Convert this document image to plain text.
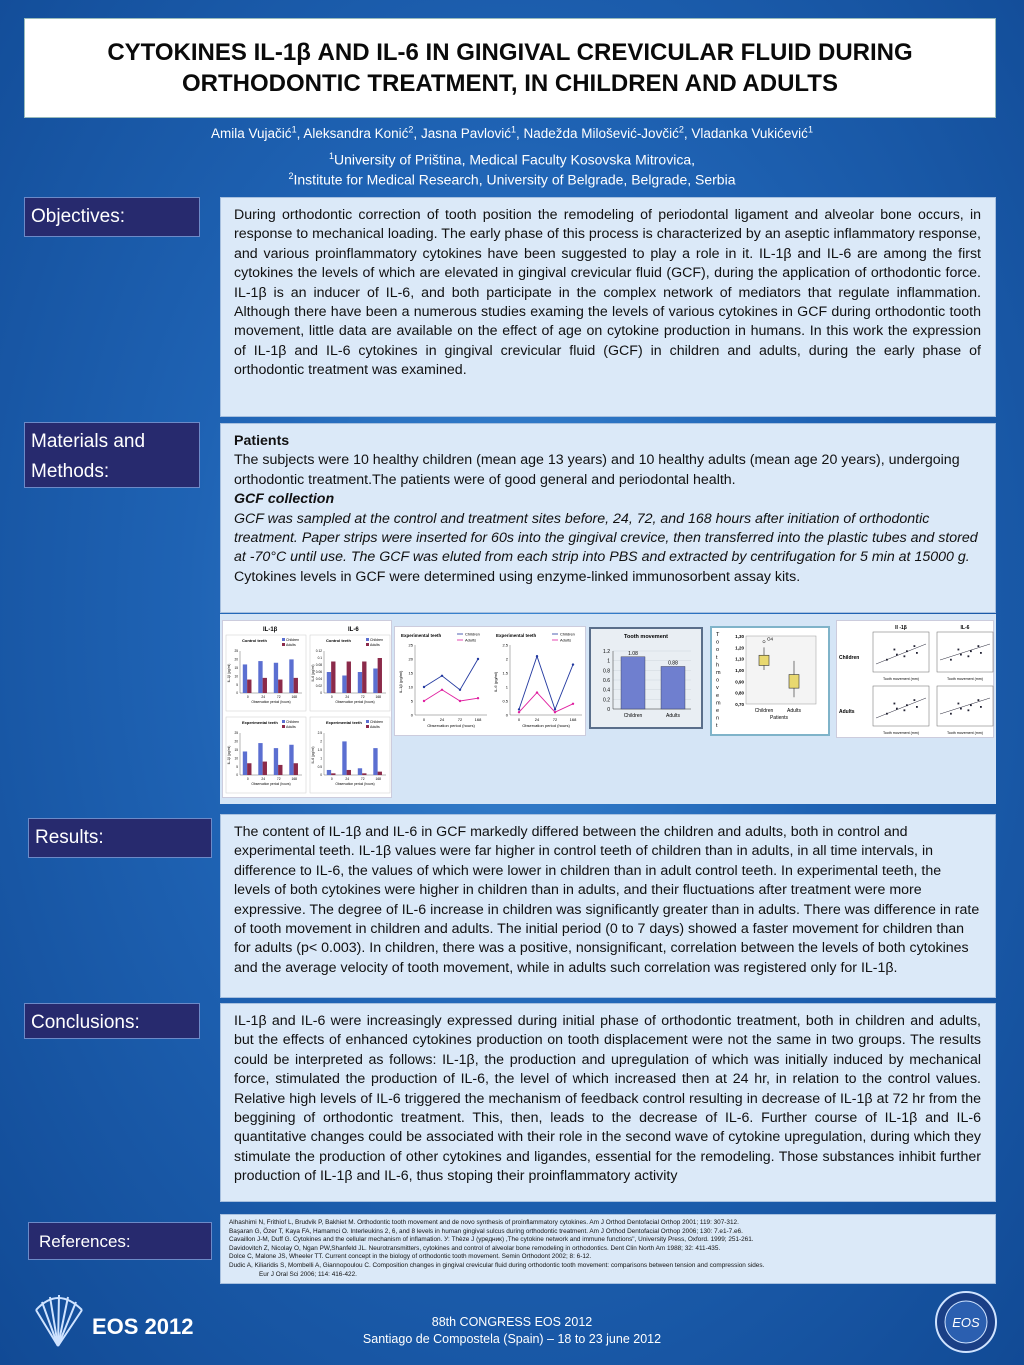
CYTOKINES IL-1β AND IL-6 IN GINGIVAL CREVICULAR FLUID DURING
ORTHODONTIC TREATMENT, IN CHILDREN AND ADULTS
Amila Vujačić$^1$, Aleksandra Konić$^2$, Jasna Pavlović$^1$, Nadežda Milošević-Jovčić$^2$, Vladanka Vukićević$^1$
$^1$University of Priština, Medical Faculty Kosovska Mitrovica,
$^2$Institute for Medical Research, University of Belgrade, Belgrade, Serbia
Objectives:	During orthodontic correction of tooth position the remodeling of periodontal ligament and alveolar bone occurs, in response to mechanical loading. The early phase of this process is characterized by an aseptic inflammatory response, and various proinflammatory cytokines have been suggested to play a role in it. IL-1β and IL-6 are among the first cytokines the levels of which are elevated in gingival crevicular fluid (GCF), during the application of orthodontic force. IL-1β is an inducer of IL-6, and both participate in the complex network of mediators that regulate inflammation. Although there have been a numerous studies examing the levels of various cytokines in GCF during orthodontic tooth movement, little data are available on the effect of age on cytokine production in humans. In this work the expression of IL-1β and IL-6 cytokines in gingival crevicular fluid (GCF) in children and adults, during the early phase of orthodontic treatment was examined.

Materials and
Methods:

Patients

The subjects were 10 healthy children (mean age 13 years) and 10 healthy adults (mean age 20 years), undergoing orthodontic treatment.The patients were of good general and periodontal health.

GCF collection

GCF was sampled at the control and treatment sites before, 24, 72, and 168 hours after initiation of orthodontic treatment. Paper strips were inserted for 60s into the gingival crevice, then transferred into the plastic tubes and stored at -70°C until use. The GCF was eluted from each strip into PBS and extracted by centrifugation for 5 min at 15000 g. Cytokines levels in GCF were determined using enzyme-linked immunosorbent assay kits.

IL-1β	IL-6
Control teeth	Children
Adults
0
5
10
15
20
25
0	24	72	168
Observation period (hours)
IL-1β (pg/ml)
Control teeth	Children
Adults
0
0.02
0.04
0.06
0.08
0.1
0.12
0	24	72	168
Observation period (hours)
IL-6 (pg/ml)
Experimental teeth Children
Adults
0
5
10
15
20
25
0	24	72	168
Observation period (hours)
IL-1β (pg/ml)
Experimental teeth Children
Adults
0
0.5
1
1.5
2
2.5
0	24	72	168
Observation period (hours)
IL-6 (pg/ml)
Experimental teeth	Children
Adults
0
5
10
15
20
25
0	24	72	168
Observation period (hours)
IL-1β (pg/ml)
Experimental teeth	Children
Adults
0
0.5
1
1.5
2
2.5
0	24	72	168
Observation period (hours)
IL-6 (pg/ml)
Tooth movement
0
0.2
0.4
0.6
0.8
1
1.2	1.08
Children
0.88
Adults
T
o
o
t
h
m
o
v
e
m
e
n
t
0,70
0,80
0,90
1,00
1,10
1,20
1,30
O4
Children	Adults
Patients
Il -1β	IL-6
Children
Adults
Tooth movement (mm)	Tooth movement (mm)
Tooth movement (mm)	Tooth movement (mm)
Results:	The content of IL-1β and IL-6 in GCF markedly differed between the children and adults, both in control and experimental teeth. IL-1β values were far higher in control teeth of children than in adults, in all time intervals, in difference to IL-6, the values of which were lower in children than in adult control teeth. In experimental teeth, the levels of both cytokines were higher in children than in adults, and their fluctuations after treatment were more expressive. The degree of IL-6 increase in children was significantly greater than in adults. There was difference in rate of tooth movement in children and adults. The initial period (0 to 7 days) showed a faster movement for children than for adults (p< 0.003). In children, there was a positive, nonsignificant, correlation between the levels of both cytokines and the average velocity of tooth movement, while in adults such correlation was registered only for IL-1β.

Conclusions:	IL-1β and IL-6 were increasingly expressed during initial phase of orthodontic treatment, both in children and adults, but the effects of enhanced cytokines production on tooth displacement were not the same in two groups. The results could be interpreted as follows: IL-1β, the production and upregulation of which was initially induced by mechanical force, stimulated the production of IL-6, the level of which increased then at 24 hr, in relation to the control values. Relative high levels of IL-6 triggered the mechanism of feedback control resulting in decrease of IL-1β at 72 hr from the beggining of orthodontic treatment. This, then, leads to the decrease of IL-6. Further course of IL-1β and IL-6 quantitative changes could be associated with their role in the second wave of cytokine upregulation, during which they stimulate the production of other cytokines and ligandes, essential for the remodeling. Those substances inhibit further production of IL-1β and IL-6, thus stoping their proinflammatory activity

References:
Alhashimi N, Frithiof L, Brudvik P, Bakhiet M. Orthodontic tooth movement and de novo synthesis of proinflammatory cytokines. Am J Orthod Dentofacial Orthop 2001; 119: 307-312.
Başaran G, Özer T, Kaya FA, Hamamci O. Interleukins 2, 6, and 8 levels in human gingival sulcus during orthodontic treatment. Am J Orthod Dentofacial Orthop 2006; 130: 7.e1-7.e6.
Cavaillon J-M, Duff G. Cytokines and the cellular mechanism of inflamation. У: Thèze J (уредник) ,The cytokine network and immune functions", University Press, Oxford. 1999; 251-261.
Davidovitch Z, Nicolay O, Ngan PW,Shanfeld JL. Neurotransmitters, cytokines and control of alveolar bone remodeling in orthodontics. Dent Clin North Am 1988; 32: 411-435.
Dolce C, Malone JS, Wheeler TT. Current concept in the biology of orthodontic tooth movement. Semin Orthodont 2002; 8: 6-12.
Dudic A, Kiliaridis S, Mombelli A, Giannopoulou C. Composition changes in gingival crevicular fluid during orthodontic tooth movement: comparisons between tension and compression sides.
Eur J Oral Sci 2006; 114: 416-422.
88th CONGRESS EOS 2012
Santiago de Compostela (Spain) – 18 to 23 june 2012
EOS 2012	EOS
